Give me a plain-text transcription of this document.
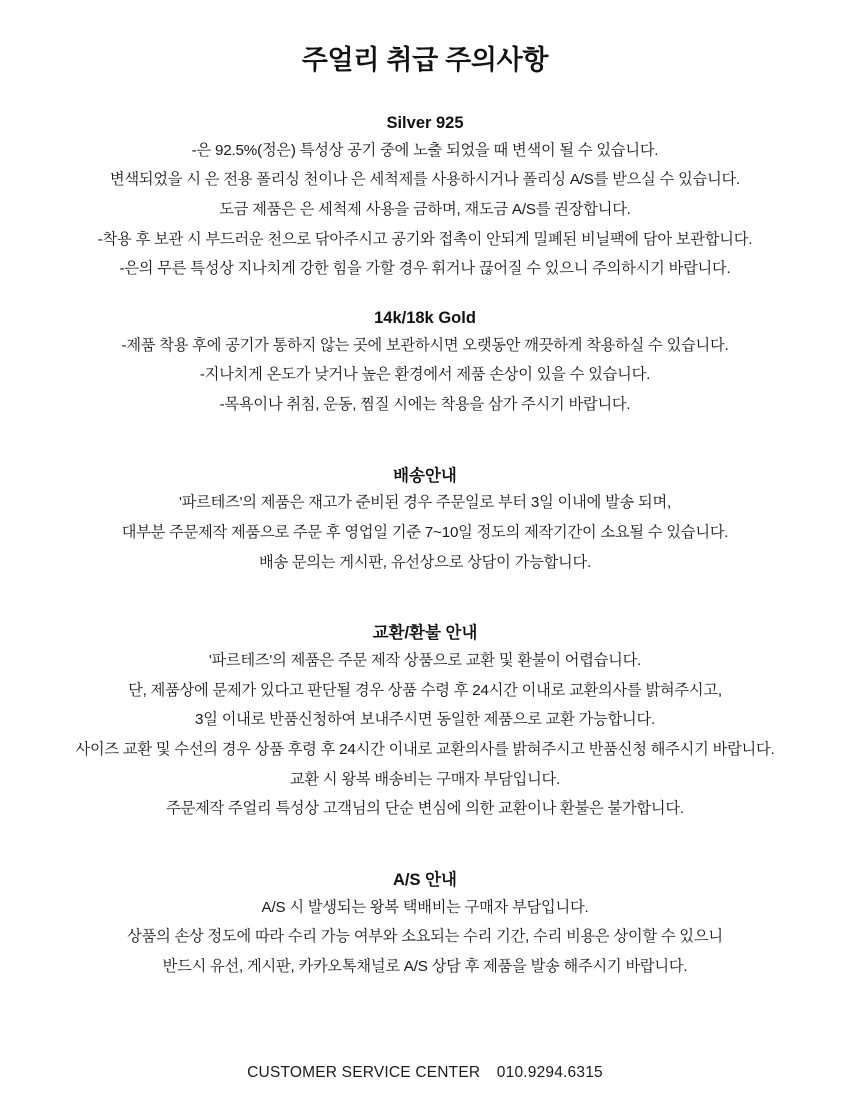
주얼리 취급 주의사항
Silver 925
-은 92.5%(정은) 특성상 공기 중에 노출 되었을 때 변색이 될 수 있습니다.
변색되었을 시 은 전용 폴리싱 천이나 은 세척제를 사용하시거나 폴리싱 A/S를 받으실 수 있습니다.
도금 제품은 은 세척제 사용을 금하며, 재도금 A/S를 권장합니다.
-착용 후 보관 시 부드러운 천으로 닦아주시고 공기와 접촉이 안되게 밀폐된 비닐팩에 담아 보관합니다.
-은의 무른 특성상 지나치게 강한 힘을 가할 경우 휘거나 끊어질 수 있으니 주의하시기 바랍니다.
14k/18k Gold
-제품 착용 후에 공기가 통하지 않는 곳에 보관하시면 오랫동안 깨끗하게 착용하실 수 있습니다.
-지나치게 온도가 낮거나 높은 환경에서 제품 손상이 있을 수 있습니다.
-목욕이나 취침, 운동, 찜질 시에는 착용을 삼가 주시기 바랍니다.
배송안내
'파르테즈'의 제품은 재고가 준비된 경우 주문일로 부터 3일 이내에 발송 되며,
대부분 주문제작 제품으로 주문 후 영업일 기준 7~10일 정도의 제작기간이 소요될 수 있습니다.
배송 문의는 게시판, 유선상으로 상담이 가능합니다.
교환/환불 안내
'파르테즈'의 제품은 주문 제작 상품으로 교환 및 환불이 어렵습니다.
단, 제품상에 문제가 있다고 판단될 경우 상품 수령 후 24시간 이내로 교환의사를 밝혀주시고,
3일 이내로 반품신청하여 보내주시면 동일한 제품으로 교환 가능합니다.
사이즈 교환 및 수선의 경우 상품 후령 후 24시간 이내로 교환의사를 밝혀주시고 반품신청 해주시기 바랍니다.
교환 시 왕복 배송비는 구매자 부담입니다.
주문제작 주얼리 특성상 고객님의 단순 변심에 의한 교환이나 환불은 불가합니다.
A/S 안내
A/S 시 발생되는 왕복 택배비는 구매자 부담입니다.
상품의 손상 정도에 따라 수리 가능 여부와 소요되는 수리 기간, 수리 비용은 상이할 수 있으니
반드시 유선, 게시판, 카카오톡채널로 A/S 상담 후 제품을 발송 해주시기 바랍니다.
CUSTOMER SERVICE CENTER 010.9294.6315
